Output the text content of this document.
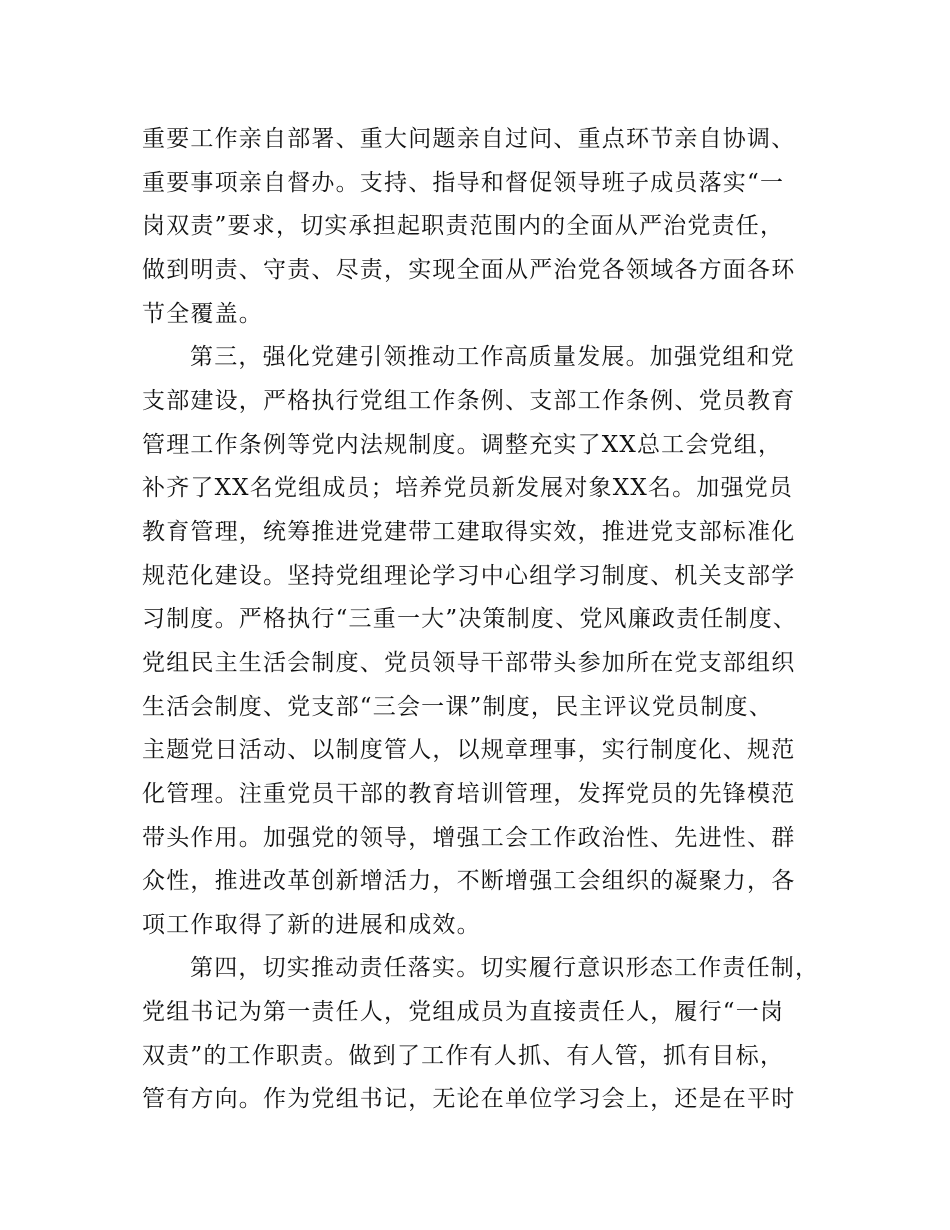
重要工作亲自部署、重大问题亲自过问、重点环节亲自协调、
重要事项亲自督办。支持、指导和督促领导班子成员落实“一
岗双责”要求，切实承担起职责范围内的全面从严治党责任，
做到明责、守责、尽责，实现全面从严治党各领域各方面各环
节全覆盖。
第三，强化党建引领推动工作高质量发展。加强党组和党
支部建设，严格执行党组工作条例、支部工作条例、党员教育
管理工作条例等党内法规制度。调整充实了XX总工会党组，
补齐了XX名党组成员；培养党员新发展对象XX名。加强党员
教育管理，统筹推进党建带工建取得实效，推进党支部标准化
规范化建设。坚持党组理论学习中心组学习制度、机关支部学
习制度。严格执行“三重一大”决策制度、党风廉政责任制度、
党组民主生活会制度、党员领导干部带头参加所在党支部组织
生活会制度、党支部“三会一课”制度，民主评议党员制度、
主题党日活动、以制度管人，以规章理事，实行制度化、规范
化管理。注重党员干部的教育培训管理，发挥党员的先锋模范
带头作用。加强党的领导，增强工会工作政治性、先进性、群
众性，推进改革创新增活力，不断增强工会组织的凝聚力，各
项工作取得了新的进展和成效。
第四，切实推动责任落实。切实履行意识形态工作责任制，
党组书记为第一责任人，党组成员为直接责任人，履行“一岗
双责”的工作职责。做到了工作有人抓、有人管，抓有目标，
管有方向。作为党组书记，无论在单位学习会上，还是在平时
